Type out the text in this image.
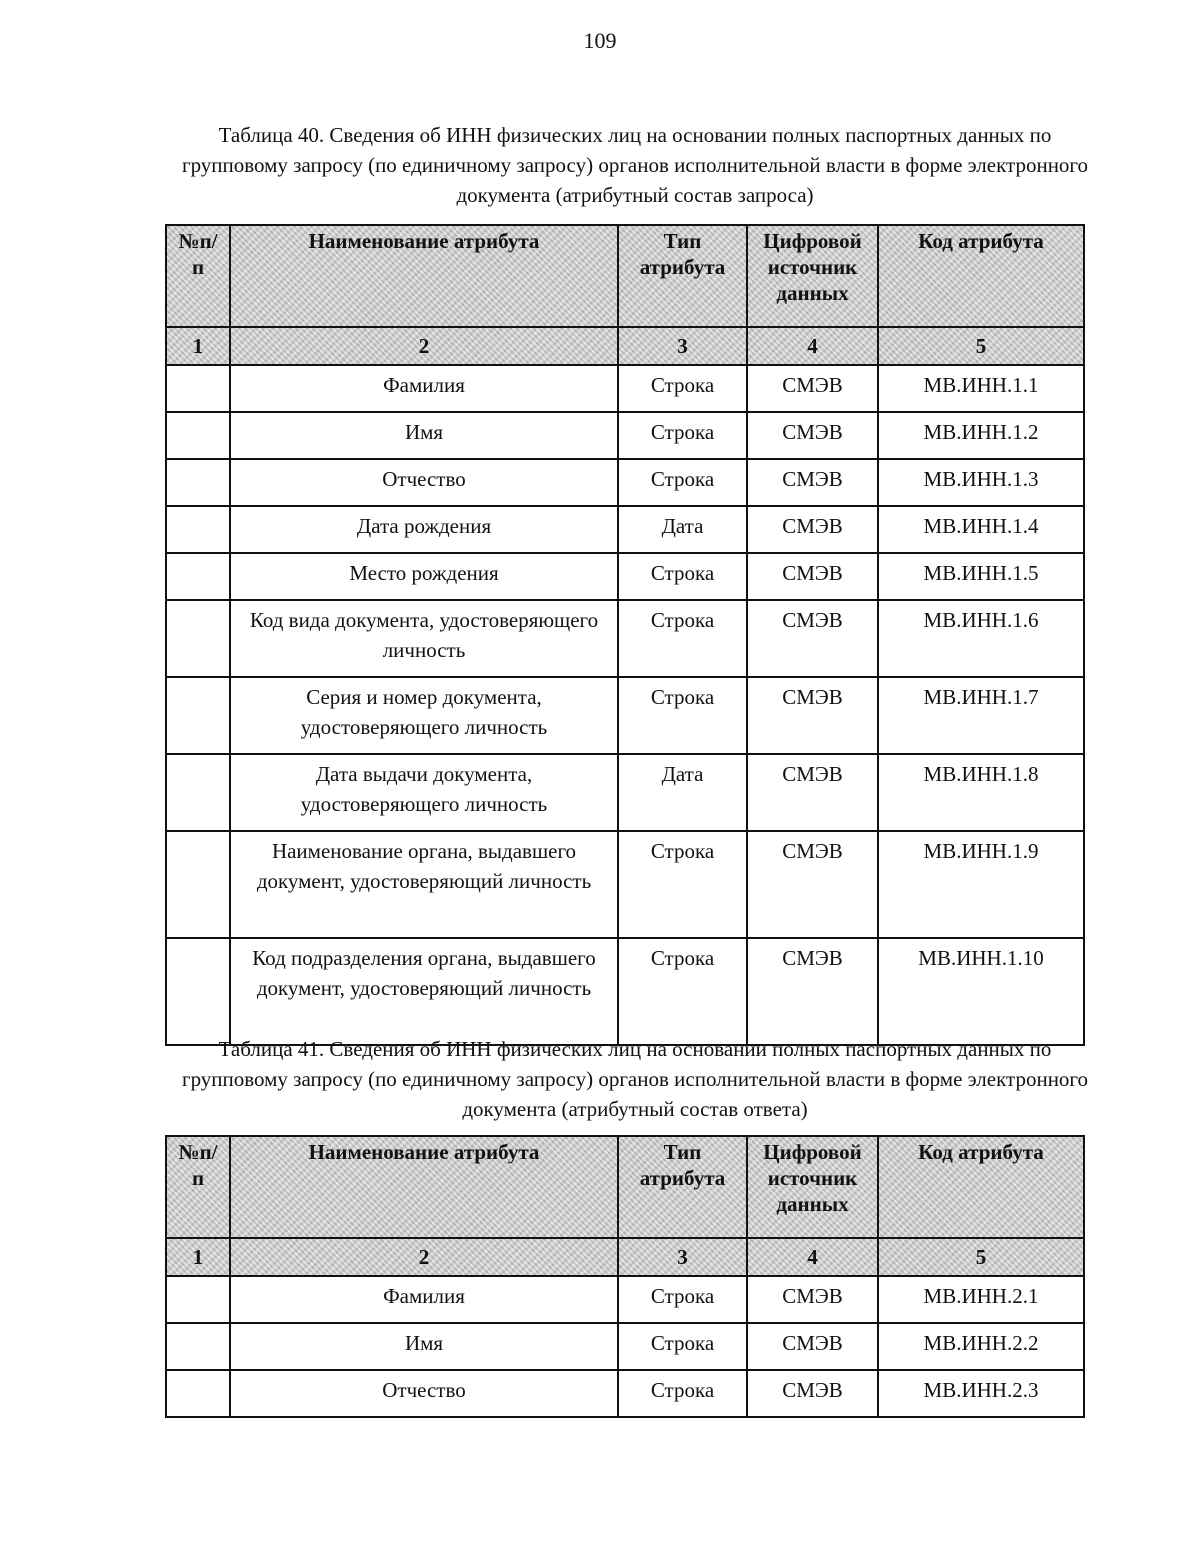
109
Таблица 40. Сведения об ИНН физических лиц на основании полных паспортных данных по групповому запросу (по единичному запросу) органов исполнительной власти в форме электронного документа (атрибутный состав запроса)
№п/п	Наименование атрибута	Тип атрибута	Цифровой источник данных	Код атрибута
1	2	3	4	5
	Фамилия	Строка	СМЭВ	МВ.ИНН.1.1
	Имя	Строка	СМЭВ	МВ.ИНН.1.2
	Отчество	Строка	СМЭВ	МВ.ИНН.1.3
	Дата рождения	Дата	СМЭВ	МВ.ИНН.1.4
	Место рождения	Строка	СМЭВ	МВ.ИНН.1.5
	Код вида документа, удостоверяющего личность	Строка	СМЭВ	МВ.ИНН.1.6
	Серия и номер документа, удостоверяющего личность	Строка	СМЭВ	МВ.ИНН.1.7
	Дата выдачи документа, удостоверяющего личность	Дата	СМЭВ	МВ.ИНН.1.8
	Наименование органа, выдавшего документ, удостоверяющий личность	Строка	СМЭВ	МВ.ИНН.1.9
	Код подразделения органа, выдавшего документ, удостоверяющий личность	Строка	СМЭВ	МВ.ИНН.1.10
Таблица 41. Сведения об ИНН физических лиц на основании полных паспортных данных по групповому запросу (по единичному запросу) органов исполнительной власти в форме электронного документа (атрибутный состав ответа)
№п/п	Наименование атрибута	Тип атрибута	Цифровой источник данных	Код атрибута
1	2	3	4	5
	Фамилия	Строка	СМЭВ	МВ.ИНН.2.1
	Имя	Строка	СМЭВ	МВ.ИНН.2.2
	Отчество	Строка	СМЭВ	МВ.ИНН.2.3
